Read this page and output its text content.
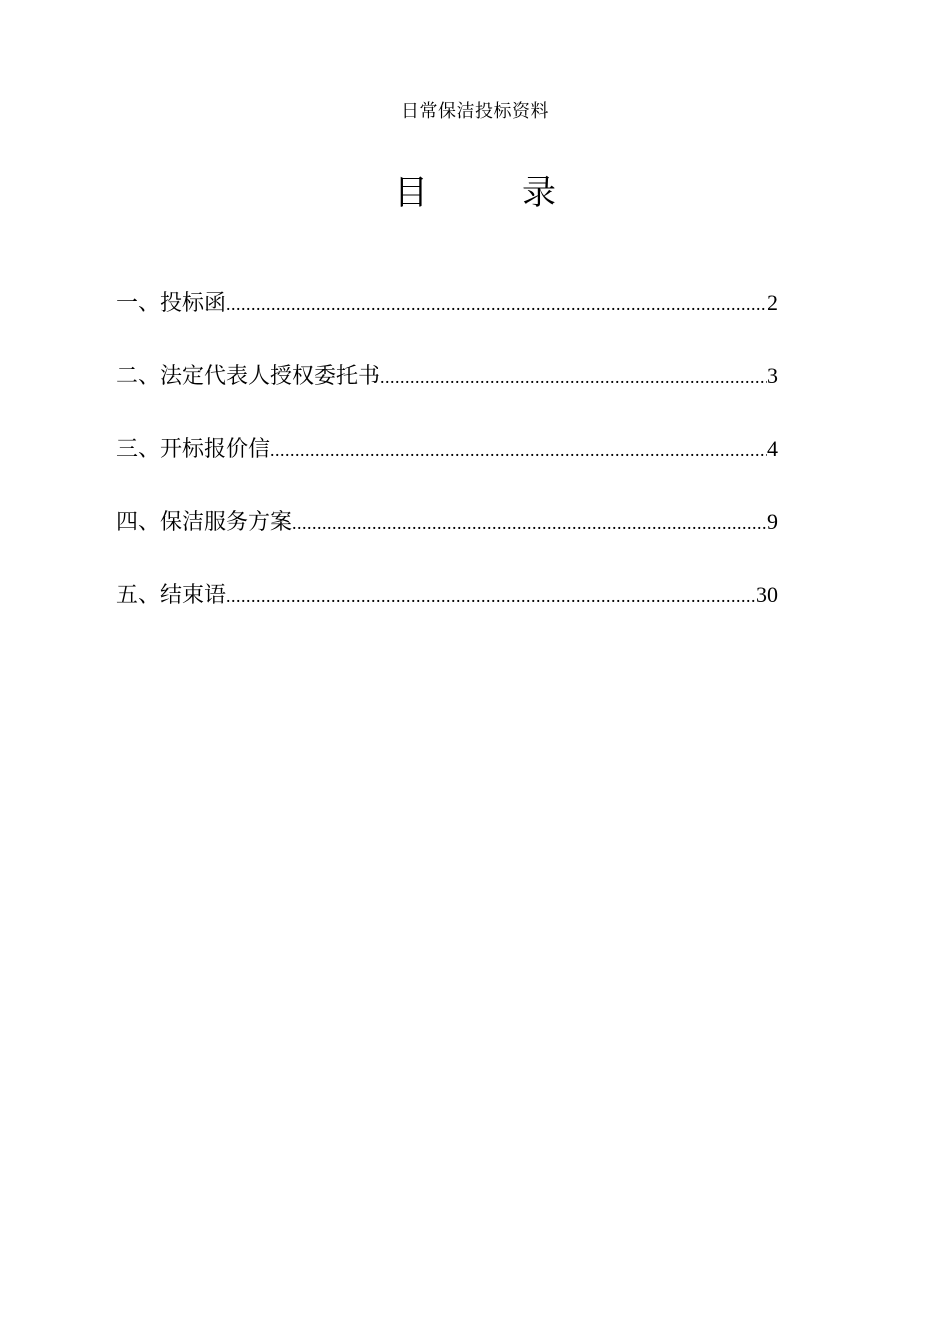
日常保洁投标资料
目　录
一、 投标函 .....	2
二、 法定代表人授权委托书 .....	3
三、 开标报价信 .....	4
四、 保洁服务方案 .....	9
五、 结束语 .....	30
